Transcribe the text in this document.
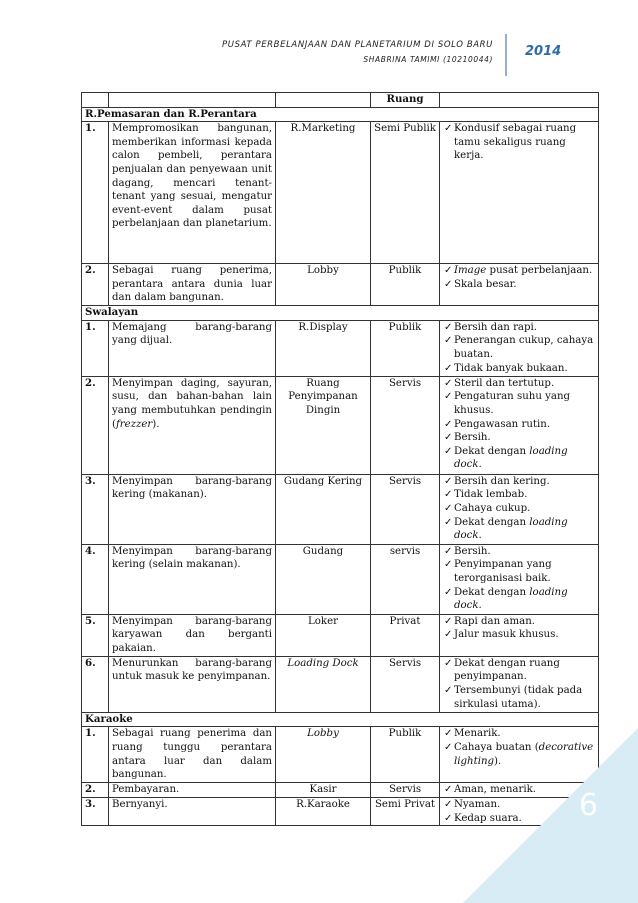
PUSAT PERBELANJAAN DAN PLANETARIUM DI SOLO BARU
SHABRINA TAMIMI (10210044)
2014
			Ruang	
R.Pemasaran dan R.Perantara				
1.	Mempromosikan bangunan, memberikan informasi kepada calon pembeli, perantara penjualan dan penyewaan unit dagang, mencari tenant-tenant yang sesuai, mengatur event-event dalam pusat perbelanjaan dan planetarium.	R.Marketing	Semi Publik	✓Kondusif sebagai ruang tamu sekaligus ruang kerja.

2.	Sebagai ruang penerima, perantara antara dunia luar dan dalam bangunan.	Lobby	Publik	✓Image pusat perbelanjaan.
✓Skala besar.

Swalayan				
1.	Memajang barang-barang yang dijual.	R.Display	Publik	✓Bersih dan rapi.
✓Penerangan cukup, cahaya buatan.
✓Tidak banyak bukaan.

2.	Menyimpan daging, sayuran, susu, dan bahan-bahan lain yang membutuhkan pendingin (frezzer).	Ruang Penyimpanan Dingin	Servis	✓Steril dan tertutup.
✓Pengaturan suhu yang khusus.
✓Pengawasan rutin.
✓Bersih.
✓Dekat dengan loading dock.

3.	Menyimpan barang-barang kering (makanan).	Gudang Kering	Servis	✓Bersih dan kering.
✓Tidak lembab.
✓Cahaya cukup.
✓Dekat dengan loading dock.

4.	Menyimpan barang-barang kering (selain makanan).	Gudang	servis	✓Bersih.
✓Penyimpanan yang terorganisasi baik.
✓Dekat dengan loading dock.

5.	Menyimpan barang-barang karyawan dan berganti pakaian.	Loker	Privat	✓Rapi dan aman.
✓Jalur masuk khusus.

6.	Menurunkan barang-barang untuk masuk ke penyimpanan.	Loading Dock	Servis	✓Dekat dengan ruang penyimpanan.
✓Tersembunyi (tidak pada sirkulasi utama).

Karaoke				
1.	Sebagai ruang penerima dan ruang tunggu perantara antara luar dan dalam bangunan.	Lobby	Publik	✓Menarik.
✓Cahaya buatan (decorative lighting).

2.	Pembayaran.	Kasir	Servis	✓Aman, menarik.

3.	Bernyanyi.	R.Karaoke	Semi Privat	✓Nyaman.
✓Kedap suara.	6
